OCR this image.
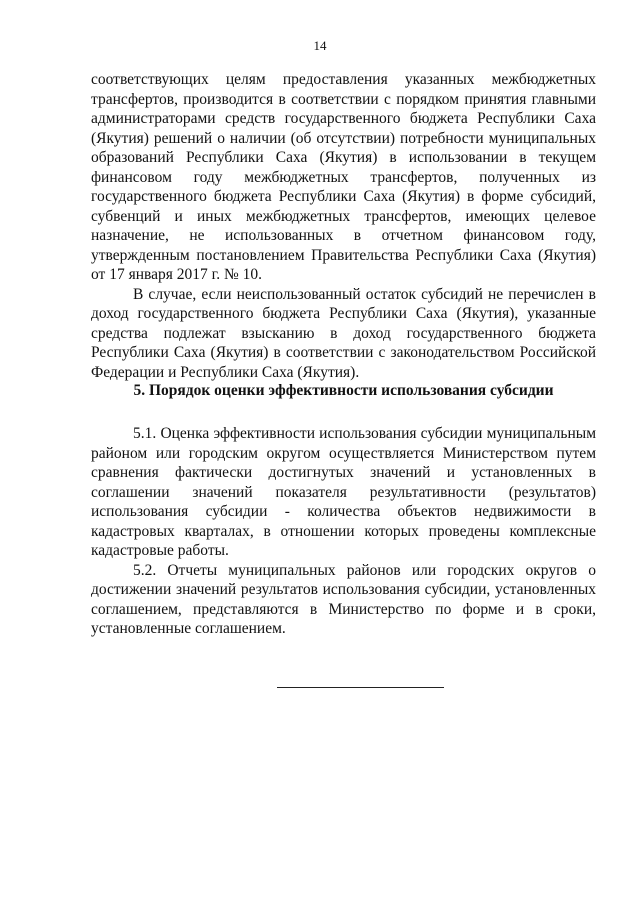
14

соответствующих целям предоставления указанных межбюджетных трансфертов, производится в соответствии с порядком принятия главными администраторами средств государственного бюджета Республики Саха (Якутия) решений о наличии (об отсутствии) потребности муниципальных образований Республики Саха (Якутия) в использовании в текущем финансовом году межбюджетных трансфертов, полученных из государственного бюджета Республики Саха (Якутия) в форме субсидий, субвенций и иных межбюджетных трансфертов, имеющих целевое назначение, не использованных в отчетном финансовом году, утвержденным постановлением Правительства Республики Саха (Якутия) от 17 января 2017 г. № 10.

В случае, если неиспользованный остаток субсидий не перечислен в доход государственного бюджета Республики Саха (Якутия), указанные средства подлежат взысканию в доход государственного бюджета Республики Саха (Якутия) в соответствии с законодательством Российской Федерации и Республики Саха (Якутия).

5. Порядок оценки эффективности использования субсидии

5.1. Оценка эффективности использования субсидии муниципальным районом или городским округом осуществляется Министерством путем сравнения фактически достигнутых значений и установленных в соглашении значений показателя результативности (результатов) использования субсидии - количества объектов недвижимости в кадастровых кварталах, в отношении которых проведены комплексные кадастровые работы.

5.2. Отчеты муниципальных районов или городских округов о достижении значений результатов использования субсидии, установленных соглашением, представляются в Министерство по форме и в сроки, установленные соглашением.
